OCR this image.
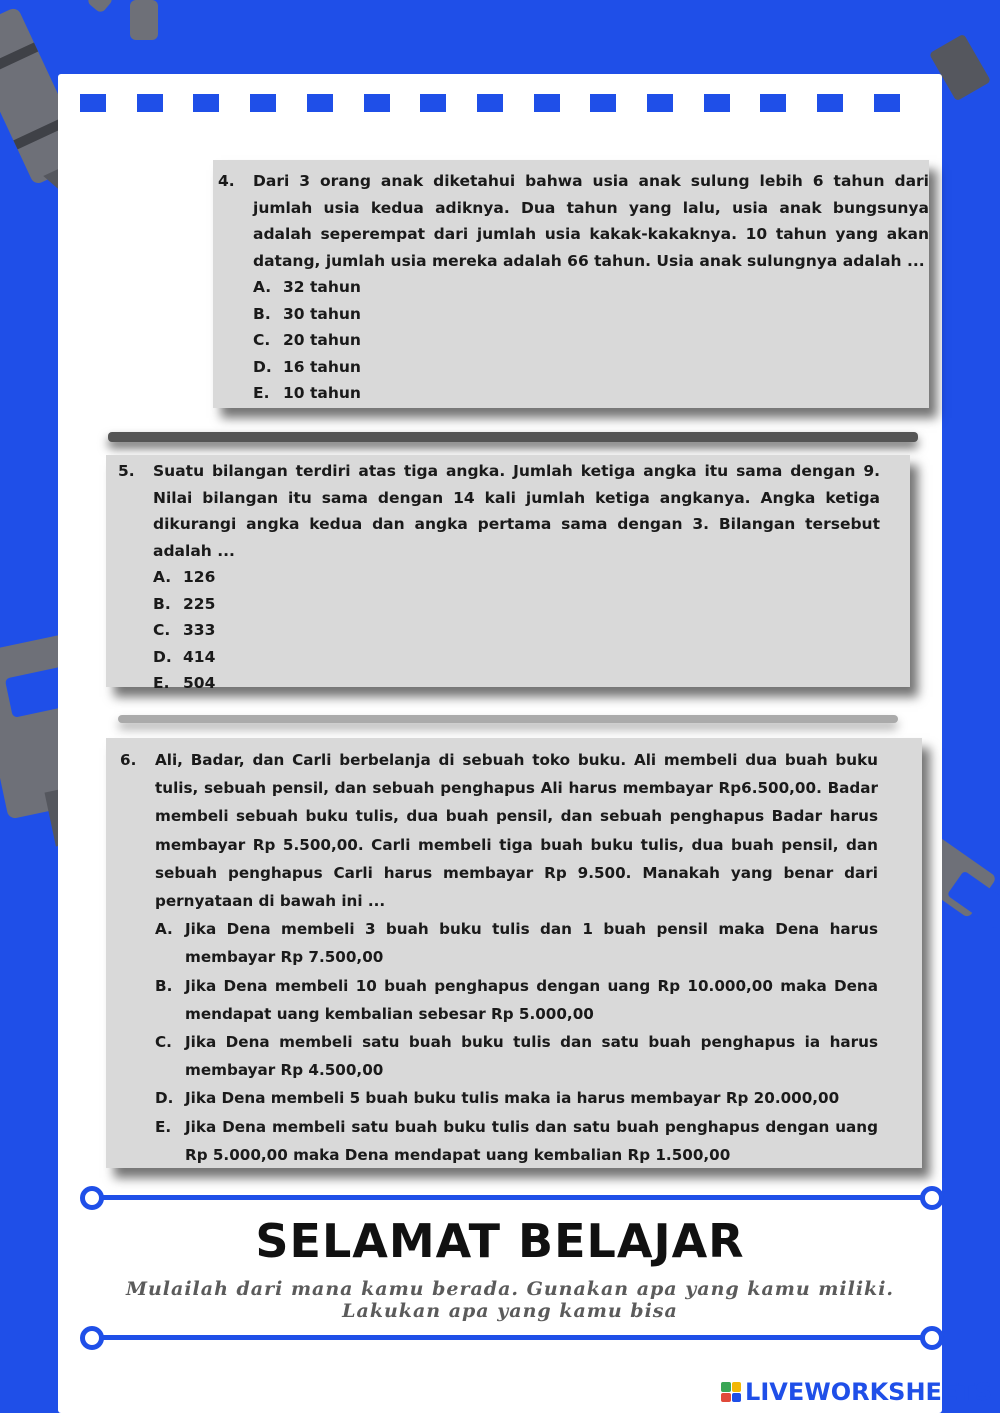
4.	Dari 3 orang anak diketahui bahwa usia anak sulung lebih 6 tahun dari jumlah usia kedua adiknya. Dua tahun yang lalu, usia anak bungsunya adalah seperempat dari jumlah usia kakak-kakaknya. 10 tahun yang akan datang, jumlah usia mereka adalah 66 tahun. Usia anak sulungnya adalah ...
A. 32 tahun
B. 30 tahun
C. 20 tahun
D. 16 tahun
E. 10 tahun
5.	Suatu bilangan terdiri atas tiga angka. Jumlah ketiga angka itu sama dengan 9. Nilai bilangan itu sama dengan 14 kali jumlah ketiga angkanya. Angka ketiga dikurangi angka kedua dan angka pertama sama dengan 3. Bilangan tersebut adalah ...
A. 126
B. 225
C. 333
D. 414
E. 504
6.	Ali, Badar, dan Carli berbelanja di sebuah toko buku. Ali membeli dua buah buku tulis, sebuah pensil, dan sebuah penghapus Ali harus membayar Rp6.500,00. Badar membeli sebuah buku tulis, dua buah pensil, dan sebuah penghapus Badar harus membayar Rp 5.500,00. Carli membeli tiga buah buku tulis, dua buah pensil, dan sebuah penghapus Carli harus membayar Rp 9.500. Manakah yang benar dari pernyataan di bawah ini ...
A. Jika Dena membeli 3 buah buku tulis dan 1 buah pensil maka Dena harus membayar Rp 7.500,00
B. Jika Dena membeli 10 buah penghapus dengan uang Rp 10.000,00 maka Dena mendapat uang kembalian sebesar Rp 5.000,00
C. Jika Dena membeli satu buah buku tulis dan satu buah penghapus ia harus membayar Rp 4.500,00
D. Jika Dena membeli 5 buah buku tulis maka ia harus membayar Rp 20.000,00
E. Jika Dena membeli satu buah buku tulis dan satu buah penghapus dengan uang Rp 5.000,00 maka Dena mendapat uang kembalian Rp 1.500,00
SELAMAT BELAJAR
Mulailah dari mana kamu berada. Gunakan apa yang kamu miliki. Lakukan apa yang kamu bisa
LIVEWORKSHEETS
